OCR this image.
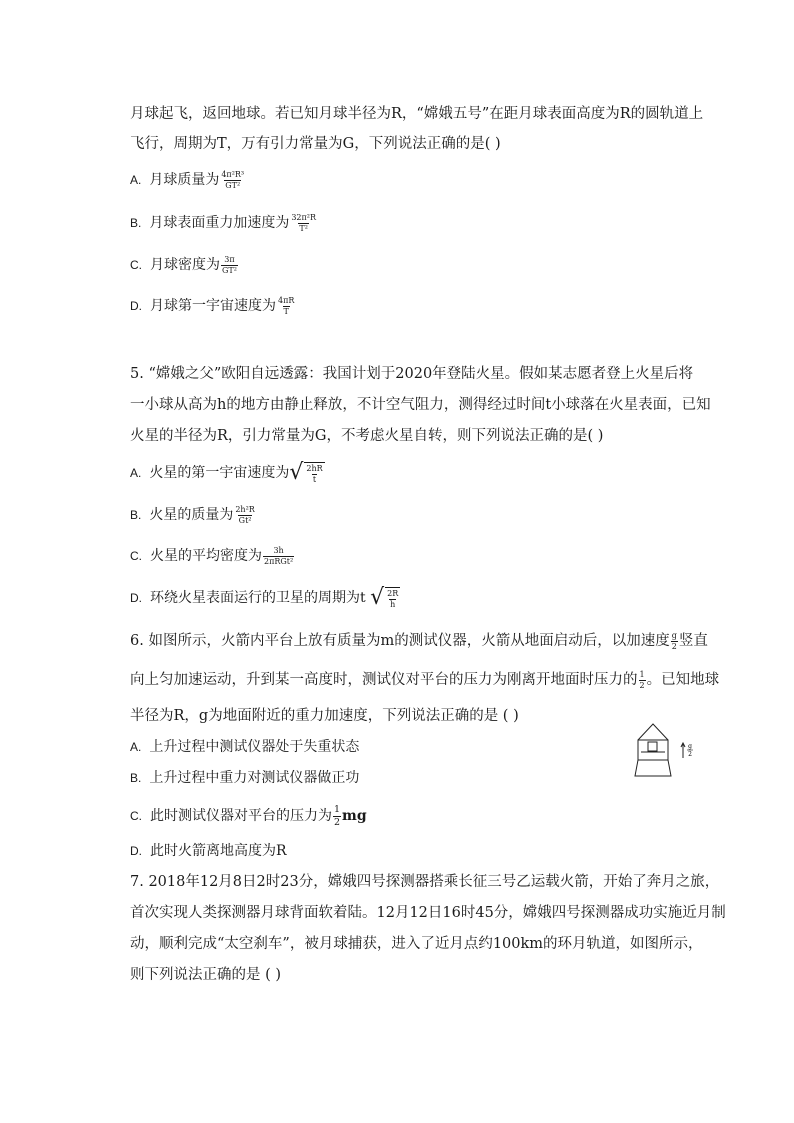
月球起飞，返回地球。若已知月球半径为R，“嫦娥五号”在距月球表面高度为R的圆轨道上
飞行，周期为T，万有引力常量为G，下列说法正确的是( )
A. 月球质量为 $\frac{\text{4π²R³}}{\text{GT²}}$
B. 月球表面重力加速度为 $\frac{\text{32π²R}}{\text{T²}}$
C. 月球密度为 $\frac{3\pi}{\text{GT²}}$
D. 月球第一宇宙速度为 $\frac{4\pi R}{T}$
5. “嫦娥之父”欧阳自远透露：我国计划于2020年登陆火星。假如某志愿者登上火星后将
一小球从高为h的地方由静止释放，不计空气阻力，测得经过时间t小球落在火星表面，已知
火星的半径为R，引力常量为G，不考虑火星自转，则下列说法正确的是( )
A. 火星的第一宇宙速度为 √ $\frac{2hR}{t}$
B. 火星的质量为 $\frac{\text{2h²R}}{\text{Gt²}}$
C. 火星的平均密度为 $\frac{3h}{\text{2πRGt²}}$
D. 环绕火星表面运行的卫星的周期为t √ $\frac{2R}{h}$
6. 如图所示，火箭内平台上放有质量为m的测试仪器，火箭从地面启动后，以加速度 $\frac{g}{2}$ 竖直
向上匀加速运动，升到某一高度时，测试仪对平台的压力为刚离开地面时压力的 $\frac{1}{2}$ 。已知地球
半径为R，g为地面附近的重力加速度，下列说法正确的是 ( )
A. 上升过程中测试仪器处于失重状态
B. 上升过程中重力对测试仪器做正功
C. 此时测试仪器对平台的压力为 $\frac{1}{2}$ mg
D. 此时火箭离地高度为R
g
2
7. 2018年12月8日2时23分，嫦娥四号探测器搭乘长征三号乙运载火箭，开始了奔月之旅，
首次实现人类探测器月球背面软着陆。12月12日16时45分，嫦娥四号探测器成功实施近月制
动，顺利完成“太空刹车”，被月球捕获，进入了近月点约100km的环月轨道，如图所示，
则下列说法正确的是 ( )
